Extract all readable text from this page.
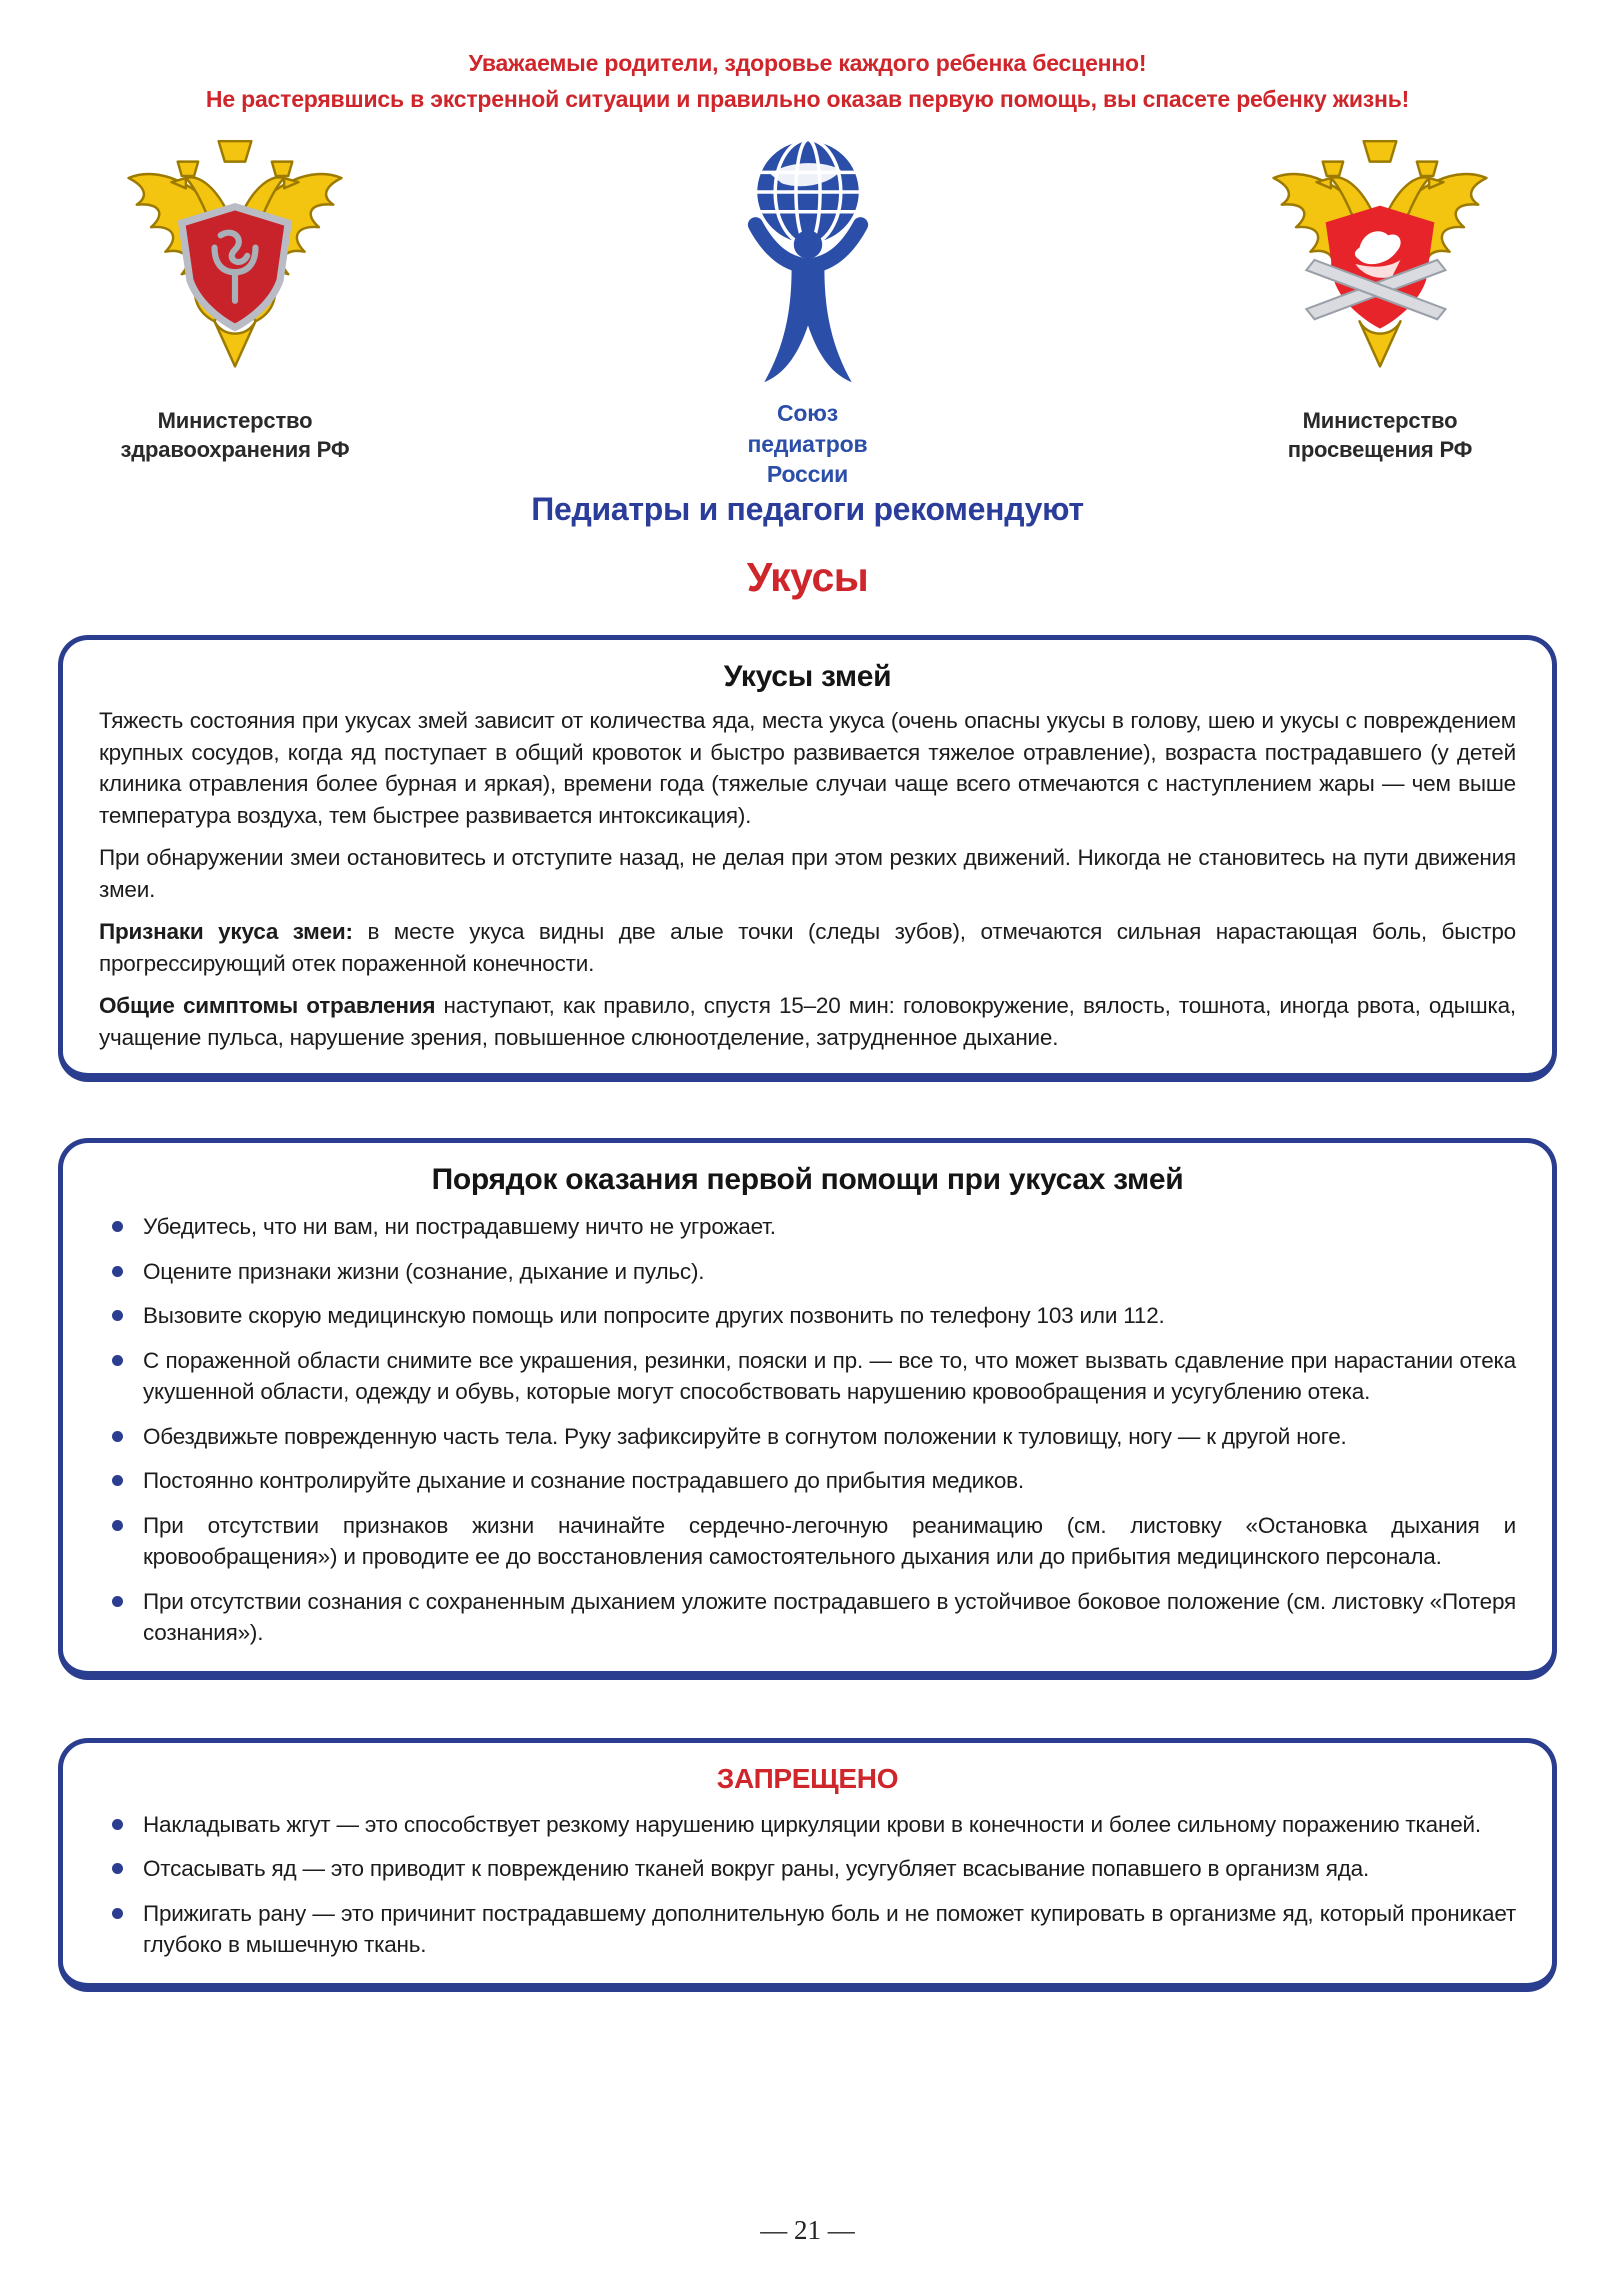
Уважаемые родители, здоровье каждого ребенка бесценно!
Не растерявшись в экстренной ситуации и правильно оказав первую помощь, вы спасете ребенку жизнь!
Министерство
здравоохранения РФ
Союз
педиатров
России
Министерство
просвещения РФ
Педиатры и педагоги рекомендуют
Укусы
Укусы змей

Тяжесть состояния при укусах змей зависит от количества яда, места укуса (очень опасны укусы в голову, шею и укусы с повреждением крупных сосудов, когда яд поступает в общий кровоток и быстро развивается тяжелое отравление), возраста пострадавшего (у детей клиника отравления более бурная и яркая), времени года (тяжелые случаи чаще всего отмечаются с наступлением жары — чем выше температура воздуха, тем быстрее развивается интоксикация).

При обнаружении змеи остановитесь и отступите назад, не делая при этом резких движений. Никогда не становитесь на пути движения змеи.

Признаки укуса змеи: в месте укуса видны две алые точки (следы зубов), отмечаются сильная нарастающая боль, быстро прогрессирующий отек пораженной конечности.

Общие симптомы отравления наступают, как правило, спустя 15–20 мин: головокружение, вялость, тошнота, иногда рвота, одышка, учащение пульса, нарушение зрения, повышенное слюноотделение, затрудненное дыхание.

Порядок оказания первой помощи при укусах змей
Убедитесь, что ни вам, ни пострадавшему ничто не угрожает.
Оцените признаки жизни (сознание, дыхание и пульс).
Вызовите скорую медицинскую помощь или попросите других позвонить по телефону 103 или 112.
С пораженной области снимите все украшения, резинки, пояски и пр. — все то, что может вызвать сдавление при нарастании отека укушенной области, одежду и обувь, которые могут способствовать нарушению кровообращения и усугублению отека.
Обездвижьте поврежденную часть тела. Руку зафиксируйте в согнутом положении к туловищу, ногу — к другой ноге.
Постоянно контролируйте дыхание и сознание пострадавшего до прибытия медиков.
При отсутствии признаков жизни начинайте сердечно-легочную реанимацию (см. листовку «Остановка дыхания и кровообращения») и проводите ее до восстановления самостоятельного дыхания или до прибытия медицинского персонала.
При отсутствии сознания с сохраненным дыханием уложите пострадавшего в устойчивое боковое положение (см. листовку «Потеря сознания»).
ЗАПРЕЩЕНО
Накладывать жгут — это способствует резкому нарушению циркуляции крови в конечности и более сильному поражению тканей.
Отсасывать яд — это приводит к повреждению тканей вокруг раны, усугубляет всасывание попавшего в организм яда.
Прижигать рану — это причинит пострадавшему дополнительную боль и не поможет купировать в организме яд, который проникает глубоко в мышечную ткань.
— 21 —
